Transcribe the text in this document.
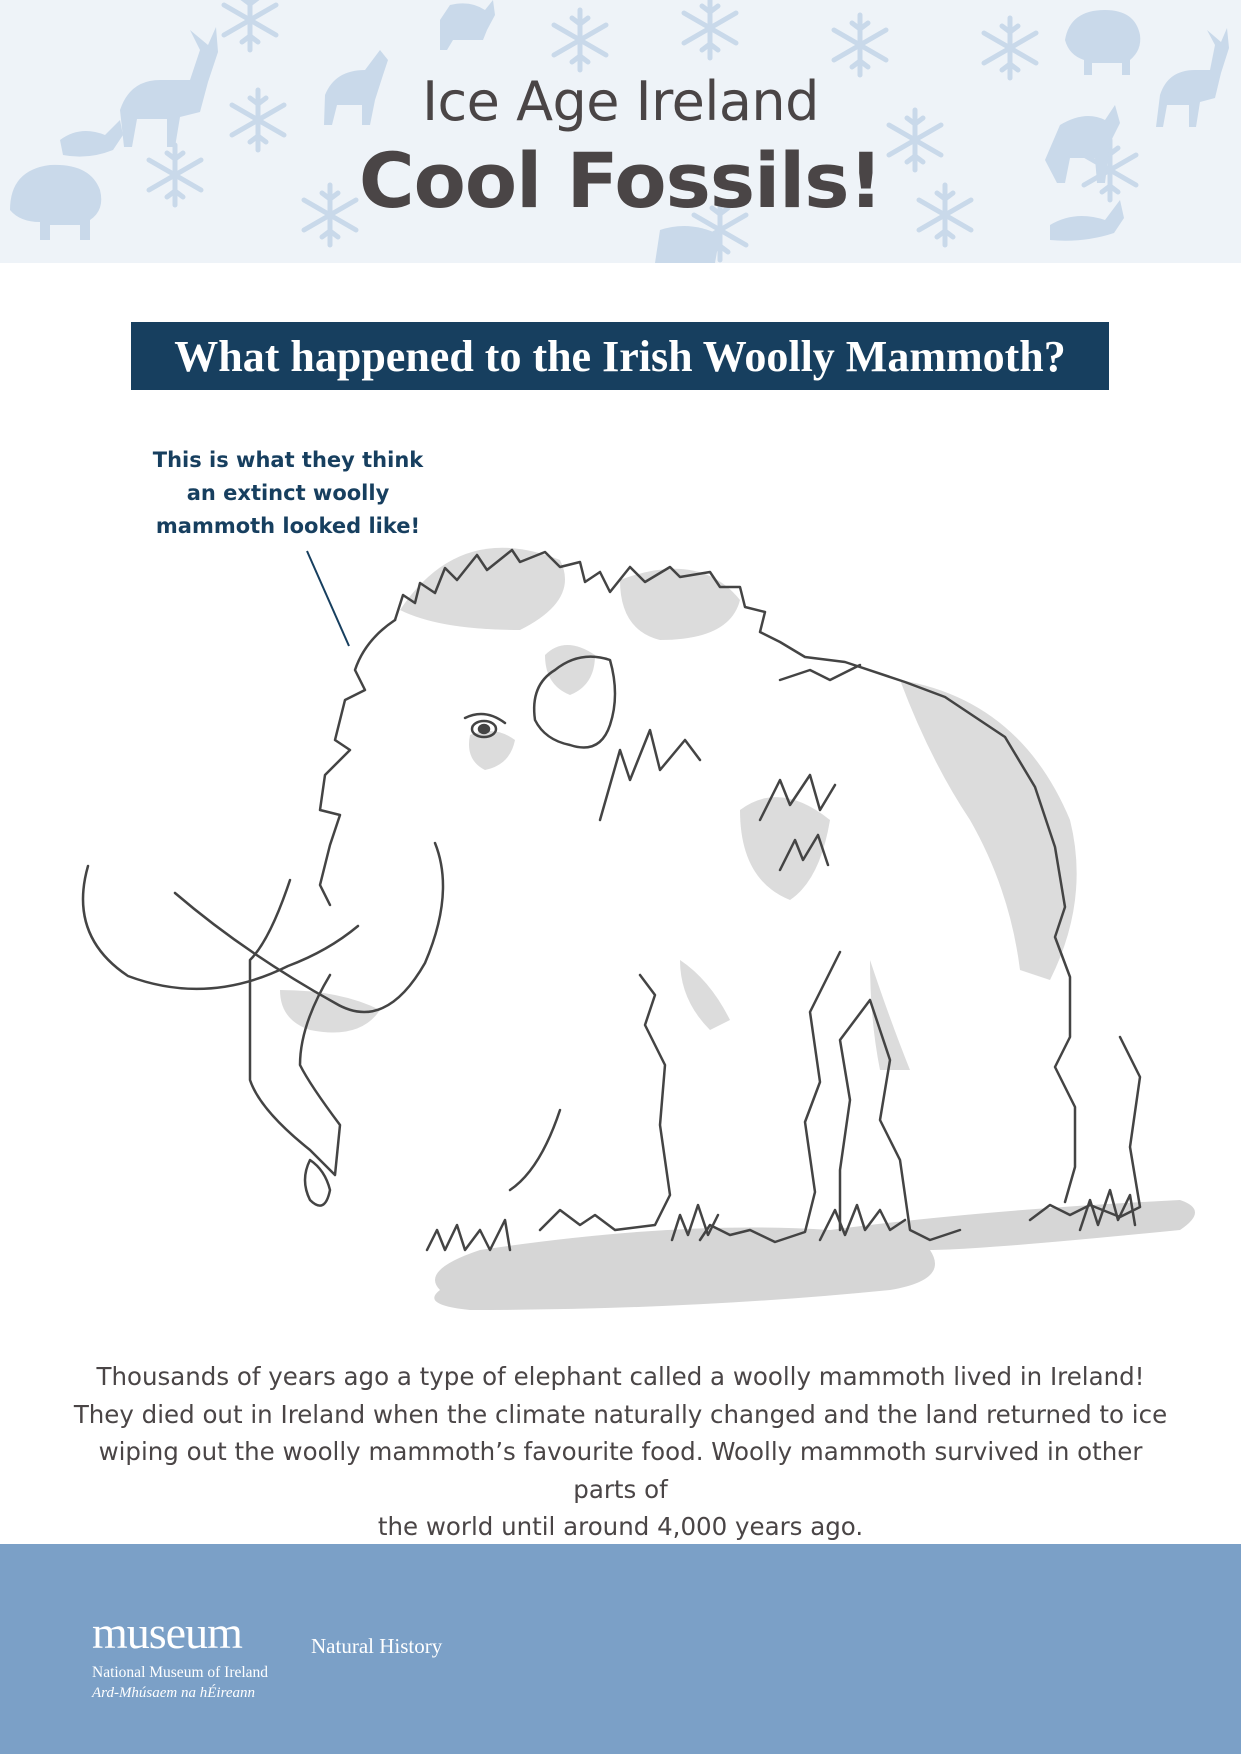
Ice Age Ireland
Cool Fossils!
What happened to the Irish Woolly Mammoth?
This is what they think
an extinct woolly
mammoth looked like!
Thousands of years ago a type of elephant called a woolly mammoth lived in Ireland!
They died out in Ireland when the climate naturally changed and the land returned to ice
wiping out the woolly mammoth’s favourite food. Woolly mammoth survived in other parts of
the world until around 4,000 years ago.
museum
National Museum of Ireland
Ard-Mhúsaem na hÉireann
Natural History
